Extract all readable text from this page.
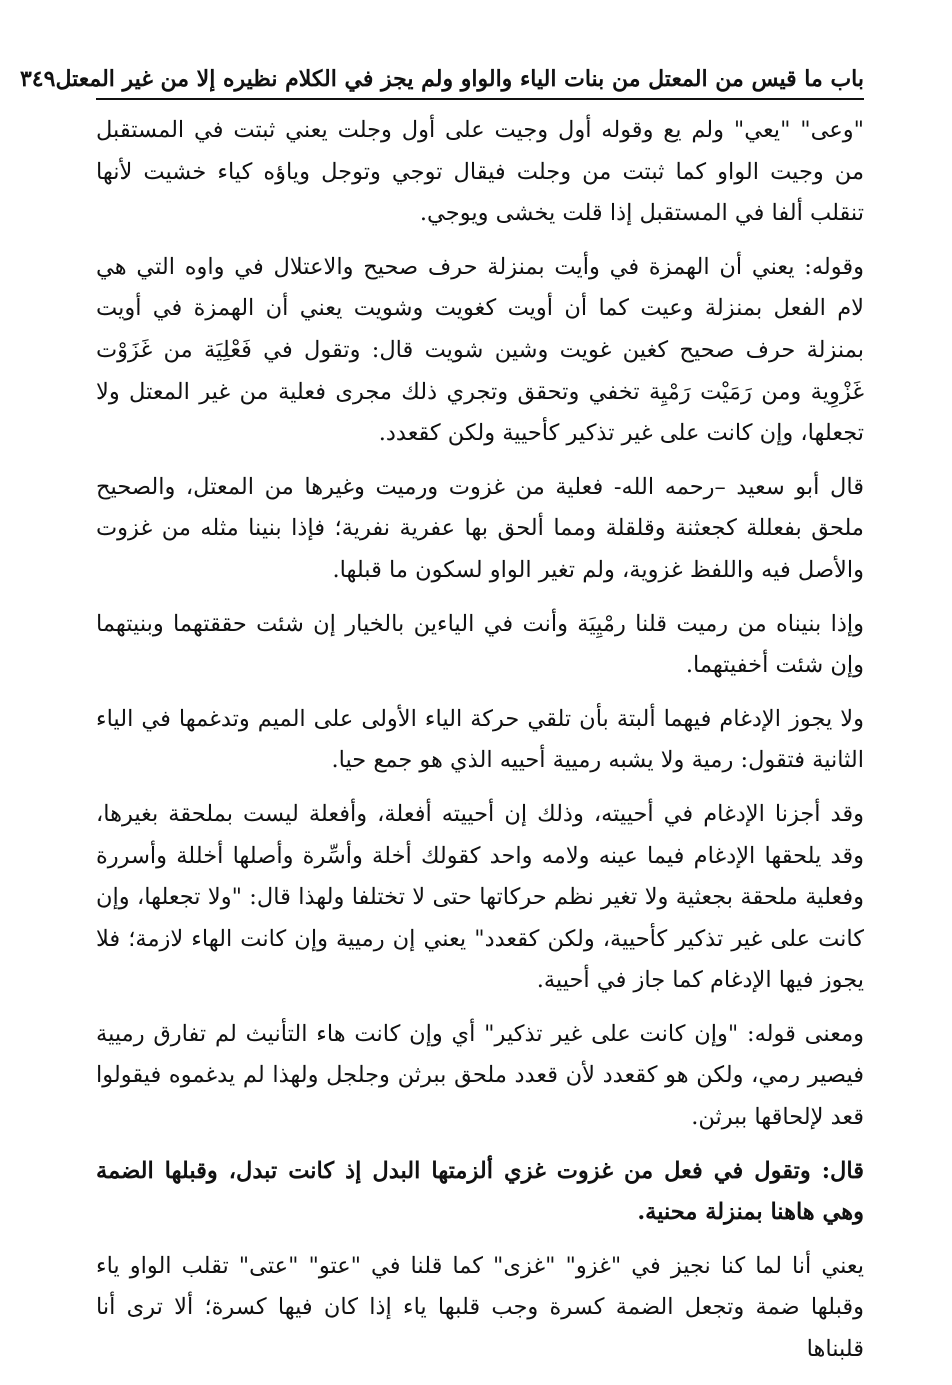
باب ما قيس من المعتل من بنات الياء والواو ولم يجز في الكلام نظيره إلا من غير المعتل
٣٤٩

"وعى" "يعي" ولم يع وقوله أول وجيت على أول وجلت يعني ثبتت في المستقبل من وجيت الواو كما ثبتت من وجلت فيقال توجي وتوجل وياؤه كياء خشيت لأنها تنقلب ألفا في المستقبل إذا قلت يخشى ويوجي.

وقوله: يعني أن الهمزة في وأيت بمنزلة حرف صحيح والاعتلال في واوه التي هي لام الفعل بمنزلة وعيت كما أن أويت كغويت وشويت يعني أن الهمزة في أويت بمنزلة حرف صحيح كغين غويت وشين شويت قال: وتقول في فَعْلِيَة من غَزَوْت غَزْوِية ومن رَمَيْت رَمْيِة تخفي وتحقق وتجري ذلك مجرى فعلية من غير المعتل ولا تجعلها، وإن كانت على غير تذكير كأحيية ولكن كقعدد.

قال أبو سعيد –رحمه الله- فعلية من غزوت ورميت وغيرها من المعتل، والصحيح ملحق بفعللة كجعثنة وقلقلة ومما ألحق بها عفرية نفرية؛ فإذا بنينا مثله من غزوت والأصل فيه واللفظ غزوية، ولم تغير الواو لسكون ما قبلها.

وإذا بنيناه من رميت قلنا رمْيِيَة وأنت في الياءين بالخيار إن شئت حققتهما وبنيتهما وإن شئت أخفيتهما.

ولا يجوز الإدغام فيهما ألبتة بأن تلقي حركة الياء الأولى على الميم وتدغمها في الياء الثانية فتقول: رمية ولا يشبه رميية أحييه الذي هو جمع حيا.

وقد أجزنا الإدغام في أحييته، وذلك إن أحييته أفعلة، وأفعلة ليست بملحقة بغيرها، وقد يلحقها الإدغام فيما عينه ولامه واحد كقولك أخلة وأسِّرة وأصلها أخللة وأسررة وفعلية ملحقة بجعثية ولا تغير نظم حركاتها حتى لا تختلفا ولهذا قال: "ولا تجعلها، وإن كانت على غير تذكير كأحيية، ولكن كقعدد" يعني إن رميية وإن كانت الهاء لازمة؛ فلا يجوز فيها الإدغام كما جاز في أحيية.

ومعنى قوله: "وإن كانت على غير تذكير" أي وإن كانت هاء التأنيث لم تفارق رميية فيصير رمي، ولكن هو كقعدد لأن قعدد ملحق ببرثن وجلجل ولهذا لم يدغموه فيقولوا قعد لإلحاقها ببرثن.

قال: وتقول في فعل من غزوت غزي ألزمتها البدل إذ كانت تبدل، وقبلها الضمة وهي هاهنا بمنزلة محنية.

يعني أنا لما كنا نجيز في "غزو" "غزى" كما قلنا في "عتو" "عتى" تقلب الواو ياء وقبلها ضمة وتجعل الضمة كسرة وجب قلبها ياء إذا كان فيها كسرة؛ ألا ترى أنا قلبناها
